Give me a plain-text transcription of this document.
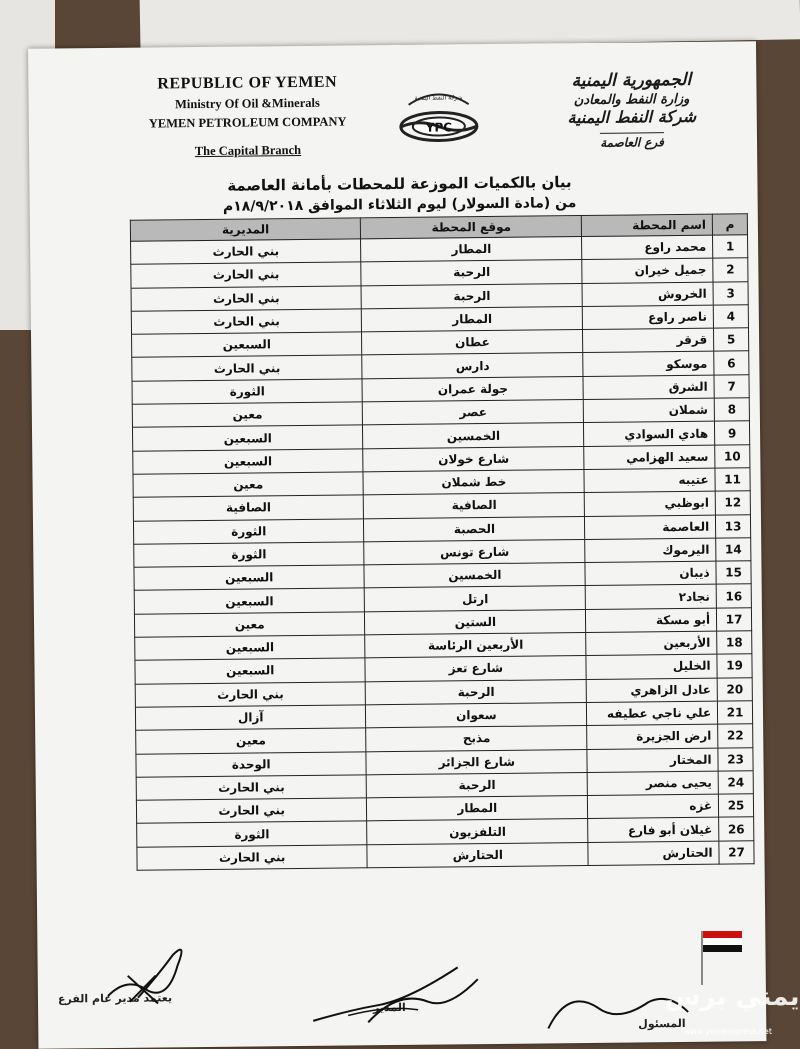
REPUBLIC OF YEMEN
Ministry Of Oil &Minerals
YEMEN PETROLEUM COMPANY
The Capital Branch
شركة النفط اليمنية
YPC
الجمهورية اليمنية
وزارة النفط والمعادن
شركة النفط اليمنية
فرع العاصمة
بيان بالكميات الموزعة للمحطات بأمانة العاصمة
من (مادة السولار) ليوم الثلاثاء الموافق ١٨/٩/٢٠١٨م
م	اسم المحطة	موقع المحطة	المديرية
1	محمد راوع	المطار	بني الحارث
2	جميل خيران	الرحبة	بني الحارث
3	الخروش	الرحبة	بني الحارث
4	ناصر راوع	المطار	بني الحارث
5	قرقر	عطان	السبعين
6	موسكو	دارس	بني الحارث
7	الشرق	جولة عمران	الثورة
8	شملان	عصر	معين
9	هادي السوادي	الخمسين	السبعين
10	سعيد الهزامي	شارع خولان	السبعين
11	عتيبه	خط شملان	معين
12	ابوظبي	الصافية	الصافية
13	العاصمة	الحصبة	الثورة
14	اليرموك	شارع تونس	الثورة
15	ذيبان	الخمسين	السبعين
16	نجاد٢	ارتل	السبعين
17	أبو مسكة	الستين	معين
18	الأربعين	الأربعين الرئاسة	السبعين
19	الخليل	شارع تعز	السبعين
20	عادل الزاهري	الرحبة	بني الحارث
21	علي ناجي عطيفه	سعوان	آزال
22	ارض الجزيرة	مذبح	معين
23	المختار	شارع الجزائر	الوحدة
24	يحيى منصر	الرحبة	بني الحارث
25	غزه	المطار	بني الحارث
26	غيلان أبو فارع	التلفزيون	الثورة
27	الحتارش	الحتارش	بني الحارث
يعتمد مدير عام الفرع
المدير
المسئول
يمني برس
www.yemenipress.net
